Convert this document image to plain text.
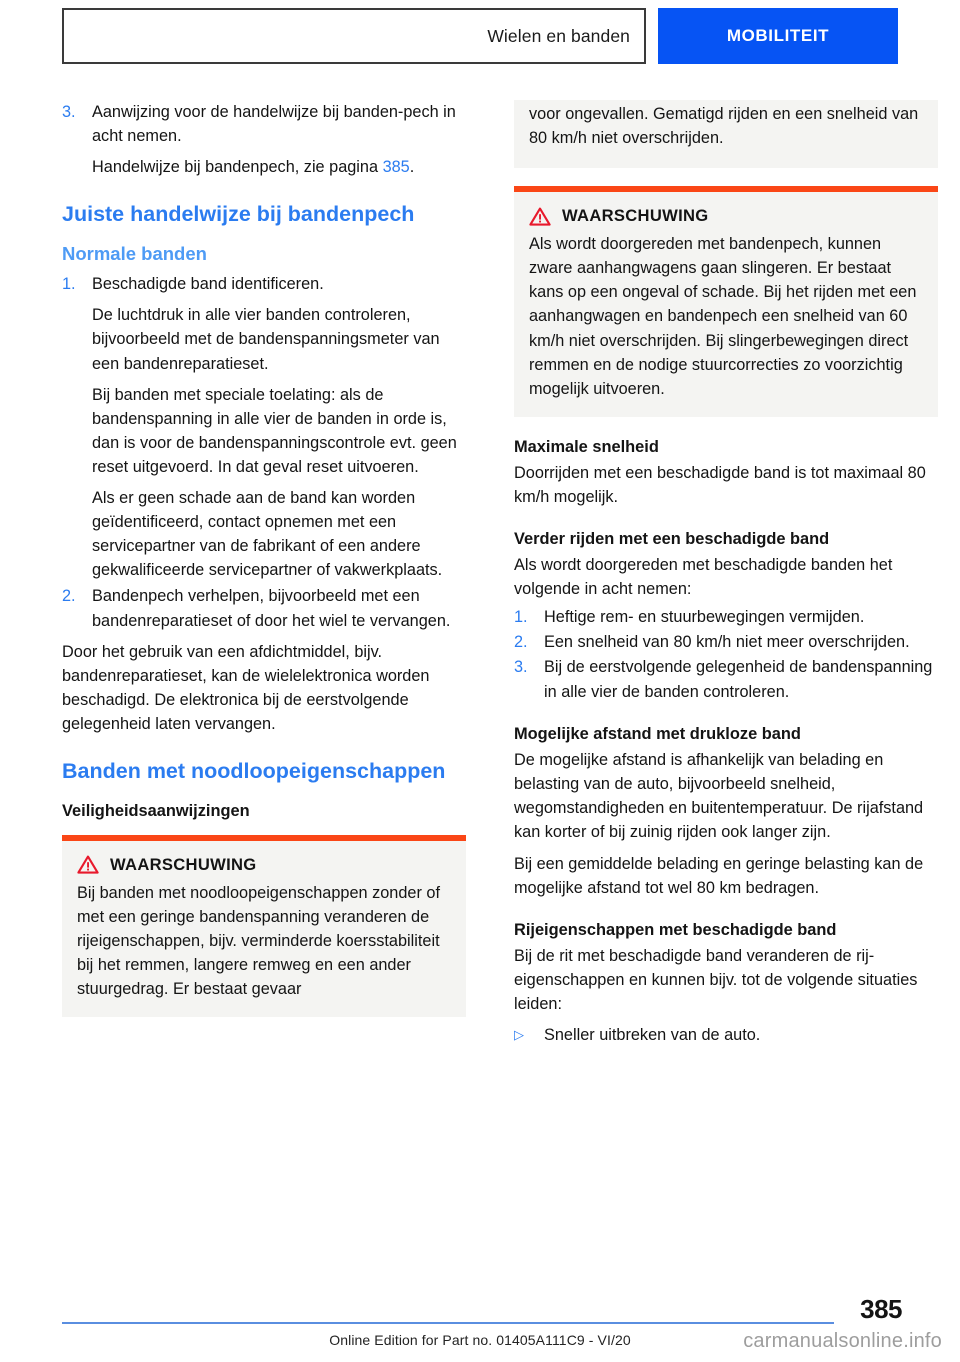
Wielen en banden	MOBILITEIT
3.	Aanwijzing voor de handelwijze bij banden-pech in acht nemen.
Handelwijze bij bandenpech, zie pagina 385.
Juiste handelwijze bij bandenpech
Normale banden
1.	Beschadigde band identificeren.
De luchtdruk in alle vier banden controleren, bijvoorbeeld met de bandenspanningsmeter van een bandenreparatieset.
Bij banden met speciale toelating: als de bandenspanning in alle vier de banden in orde is, dan is voor de bandenspanningscontrole evt. geen reset uitgevoerd. In dat geval reset uitvoeren.
Als er geen schade aan de band kan worden geïdentificeerd, contact opnemen met een servicepartner van de fabrikant of een andere gekwalificeerde servicepartner of vakwerkplaats.
2.	Bandenpech verhelpen, bijvoorbeeld met een bandenreparatieset of door het wiel te vervangen.

Door het gebruik van een afdichtmiddel, bijv. bandenreparatieset, kan de wielelektronica worden beschadigd. De elektronica bij de eerstvolgende gelegenheid laten vervangen.

Banden met noodloopeigenschappen
Veiligheidsaanwijzingen
WAARSCHUWING

Bij banden met noodloopeigenschappen zonder of met een geringe bandenspanning veranderen de rijeigenschappen, bijv. verminderde koersstabiliteit bij het remmen, langere remweg en een ander stuurgedrag. Er bestaat gevaar

voor ongevallen. Gematigd rijden en een snelheid van 80 km/h niet overschrijden.

WAARSCHUWING

Als wordt doorgereden met bandenpech, kunnen zware aanhangwagens gaan slingeren. Er bestaat kans op een ongeval of schade. Bij het rijden met een aanhangwagen en bandenpech een snelheid van 60 km/h niet overschrijden. Bij slingerbewegingen direct remmen en de nodige stuurcorrecties zo voorzichtig mogelijk uitvoeren.

Maximale snelheid

Doorrijden met een beschadigde band is tot maximaal 80 km/h mogelijk.

Verder rijden met een beschadigde band

Als wordt doorgereden met beschadigde banden het volgende in acht nemen:

1.	Heftige rem- en stuurbewegingen vermijden.
2.	Een snelheid van 80 km/h niet meer overschrijden.
3.	Bij de eerstvolgende gelegenheid de bandenspanning in alle vier de banden controleren.
Mogelijke afstand met drukloze band

De mogelijke afstand is afhankelijk van belading en belasting van de auto, bijvoorbeeld snelheid, wegomstandigheden en buitentemperatuur. De rijafstand kan korter of bij zuinig rijden ook langer zijn.

Bij een gemiddelde belading en geringe belasting kan de mogelijke afstand tot wel 80 km bedragen.

Rijeigenschappen met beschadigde band

Bij de rit met beschadigde band veranderen de rij-eigenschappen en kunnen bijv. tot de volgende situaties leiden:

▷	Sneller uitbreken van de auto.
385
Online Edition for Part no. 01405A111C9 - VI/20	carmanualsonline.info
